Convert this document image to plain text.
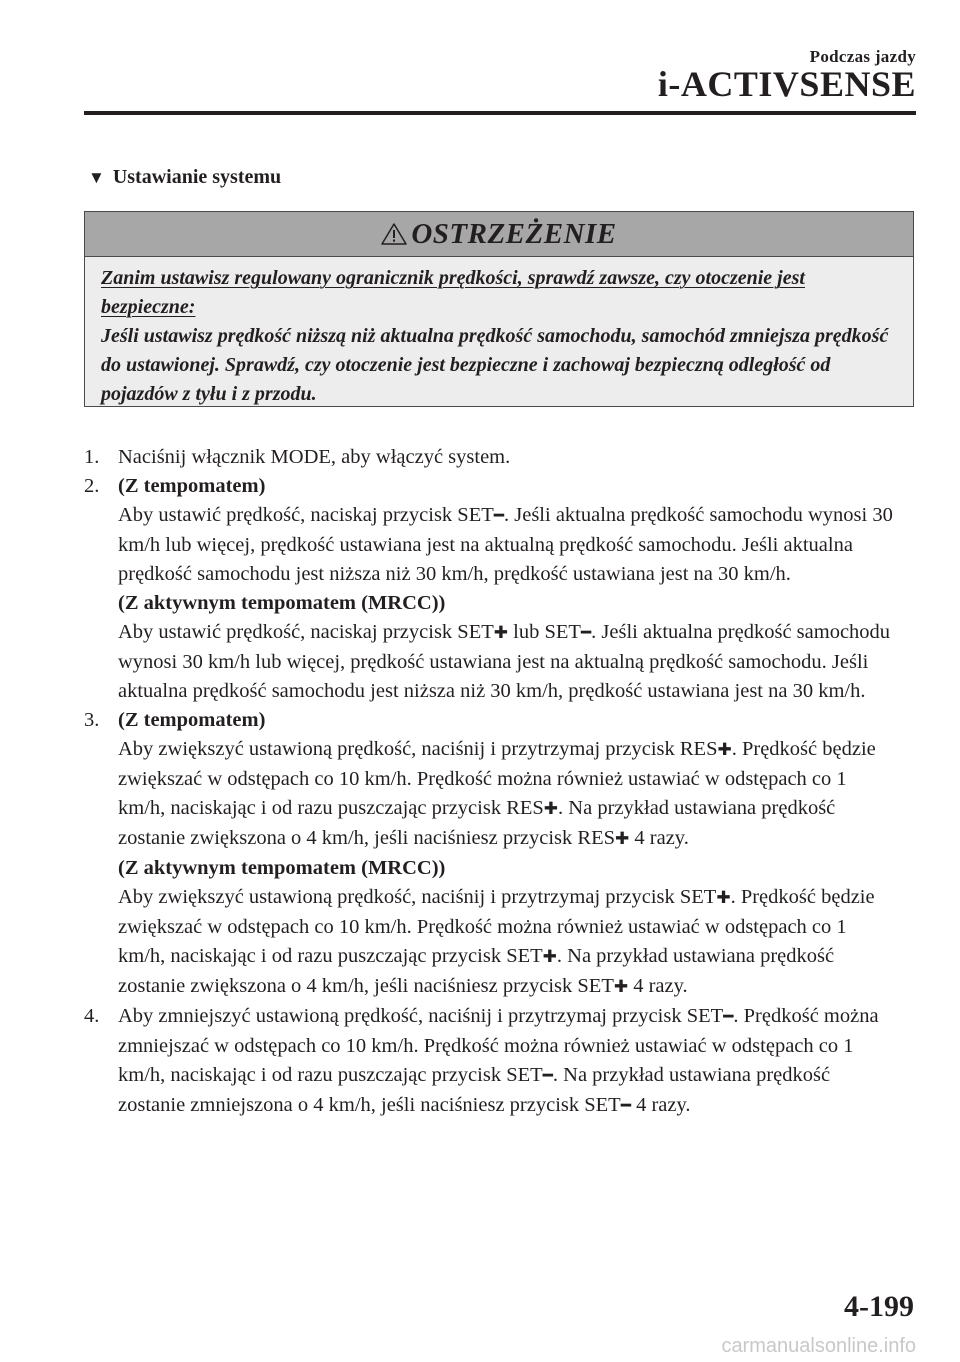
Podczas jazdy
i-ACTIVSENSE
▼ Ustawianie systemu
OSTRZEŻENIE
Zanim ustawisz regulowany ogranicznik prędkości, sprawdź zawsze, czy otoczenie jest bezpieczne:
Jeśli ustawisz prędkość niższą niż aktualna prędkość samochodu, samochód zmniejsza prędkość do ustawionej. Sprawdź, czy otoczenie jest bezpieczne i zachowaj bezpieczną odległość od pojazdów z tyłu i z przodu.
1. Naciśnij włącznik MODE, aby włączyć system.
2. (Z tempomatem)
Aby ustawić prędkość, naciskaj przycisk SET━. Jeśli aktualna prędkość samochodu wynosi 30 km/h lub więcej, prędkość ustawiana jest na aktualną prędkość samochodu. Jeśli aktualna prędkość samochodu jest niższa niż 30 km/h, prędkość ustawiana jest na 30 km/h.
(Z aktywnym tempomatem (MRCC))
Aby ustawić prędkość, naciskaj przycisk SET✚ lub SET━. Jeśli aktualna prędkość samochodu wynosi 30 km/h lub więcej, prędkość ustawiana jest na aktualną prędkość samochodu. Jeśli aktualna prędkość samochodu jest niższa niż 30 km/h, prędkość ustawiana jest na 30 km/h.
3. (Z tempomatem)
Aby zwiększyć ustawioną prędkość, naciśnij i przytrzymaj przycisk RES✚. Prędkość będzie zwiększać w odstępach co 10 km/h. Prędkość można również ustawiać w odstępach co 1 km/h, naciskając i od razu puszczając przycisk RES✚. Na przykład ustawiana prędkość zostanie zwiększona o 4 km/h, jeśli naciśniesz przycisk RES✚ 4 razy.
(Z aktywnym tempomatem (MRCC))
Aby zwiększyć ustawioną prędkość, naciśnij i przytrzymaj przycisk SET✚. Prędkość będzie zwiększać w odstępach co 10 km/h. Prędkość można również ustawiać w odstępach co 1 km/h, naciskając i od razu puszczając przycisk SET✚. Na przykład ustawiana prędkość zostanie zwiększona o 4 km/h, jeśli naciśniesz przycisk SET✚ 4 razy.
4. Aby zmniejszyć ustawioną prędkość, naciśnij i przytrzymaj przycisk SET━. Prędkość można zmniejszać w odstępach co 10 km/h. Prędkość można również ustawiać w odstępach co 1 km/h, naciskając i od razu puszczając przycisk SET━. Na przykład ustawiana prędkość zostanie zmniejszona o 4 km/h, jeśli naciśniesz przycisk SET━ 4 razy.
4-199
carmanualsonline.info
